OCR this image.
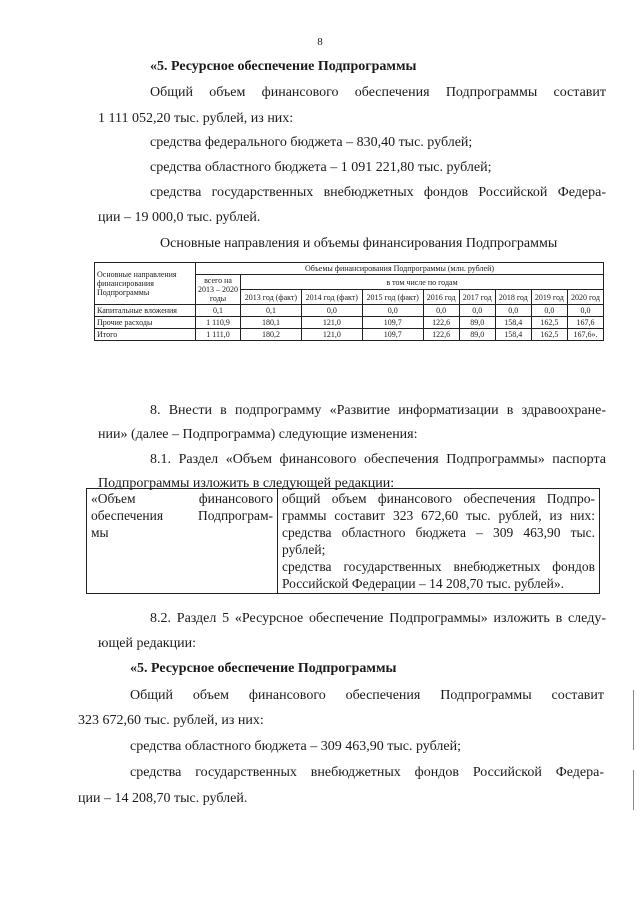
8
«5. Ресурсное обеспечение Подпрограммы
Общий объем финансового обеспечения Подпрограммы составит
1 111 052,20 тыс. рублей, из них:
средства федерального бюджета – 830,40 тыс. рублей;
средства областного бюджета – 1 091 221,80 тыс. рублей;
средства государственных внебюджетных фондов Российской Федера-
ции – 19 000,0 тыс. рублей.
Основные направления и объемы финансирования Подпрограммы
Основные направления финансирования Подпрограммы	Объемы финансирования Подпрограммы (млн. рублей)								
	всего на 2013 – 2020 годы	в том числе по годам							
		2013 год (факт)	2014 год (факт)	2015 год (факт)	2016 год	2017 год	2018 год	2019 год	2020 год
Капитальные вложения	0,1	0,1	0,0	0,0	0,0	0,0	0,0	0,0	0,0
Прочие расходы	1 110,9	180,1	121,0	109,7	122,6	89,0	158,4	162,5	167,6
Итого	1 111,0	180,2	121,0	109,7	122,6	89,0	158,4	162,5	167,6».
8. Внести в подпрограмму «Развитие информатизации в здравоохране-
нии» (далее – Подпрограмма) следующие изменения:
8.1. Раздел «Объем финансового обеспечения Подпрограммы» паспорта
Подпрограммы изложить в следующей редакции:
«Объем финансового
обеспечения Подпрограм-
мы

общий объем финансового обеспечения Подпро-
граммы составит 323 672,60 тыс. рублей, из них:
средства областного бюджета – 309 463,90 тыс.
рублей;
средства государственных внебюджетных фондов
Российской Федерации – 14 208,70 тыс. рублей».
8.2. Раздел 5 «Ресурсное обеспечение Подпрограммы» изложить в следу-
ющей редакции:
«5. Ресурсное обеспечение Подпрограммы
Общий объем финансового обеспечения Подпрограммы составит
323 672,60 тыс. рублей, из них:
средства областного бюджета – 309 463,90 тыс. рублей;
средства государственных внебюджетных фондов Российской Федера-
ции – 14 208,70 тыс. рублей.
